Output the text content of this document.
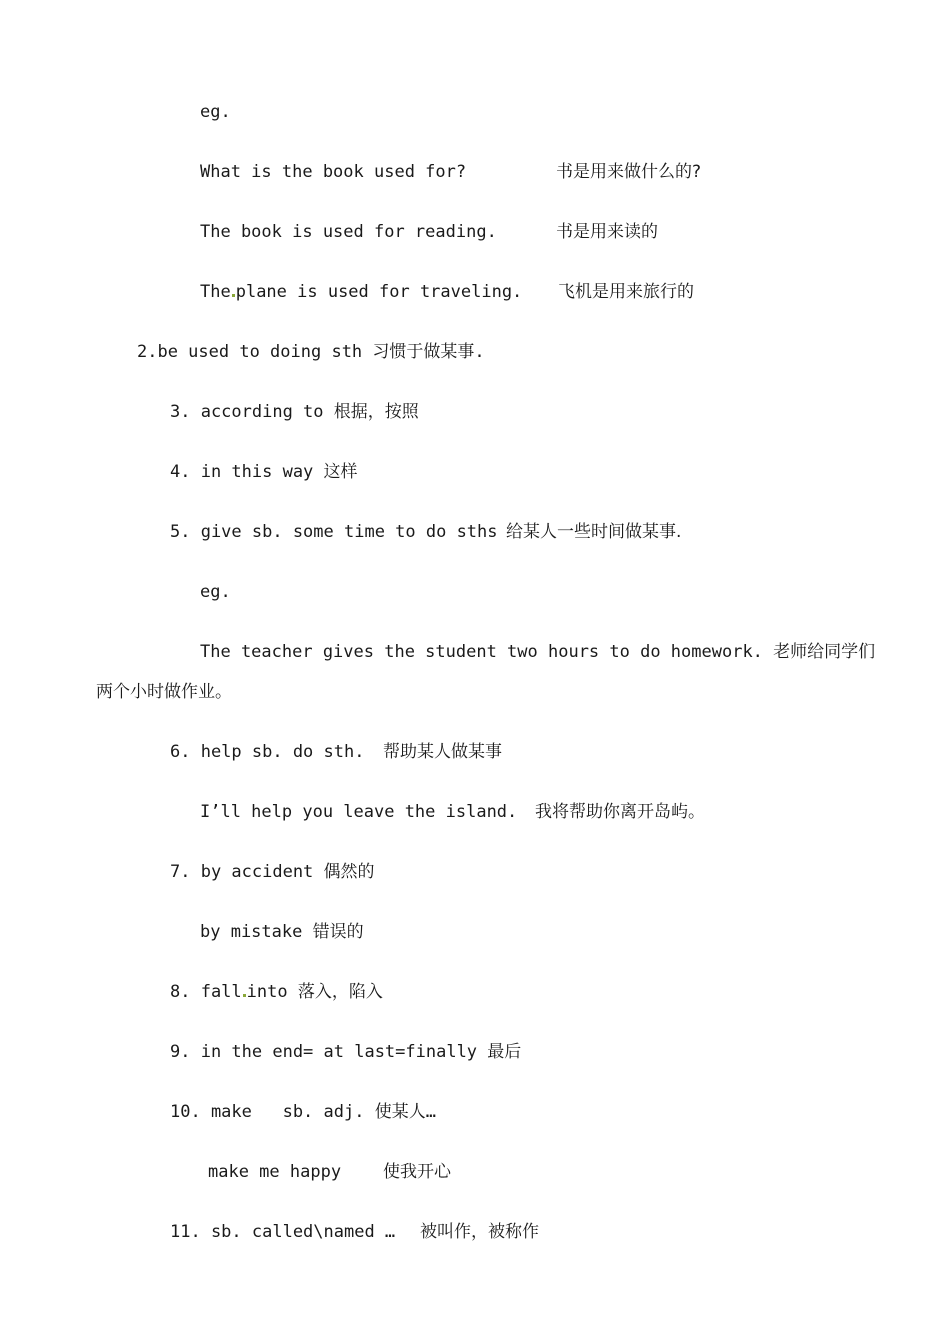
eg.
What is the book used for?	书是用来做什么的?
The book is used for reading.	书是用来读的
The plane is used for traveling. 飞机是用来旅行的
2.be used to doing sth 习惯于做某事.
3. according to 根据，按照
4. in this way 这样
5. give sb. some time to do sths 给某人一些时间做某事.
eg.
The teacher gives the student two hours to do homework. 老师给同学们
两个小时做作业。
6. help sb. do sth. 帮助某人做某事
I’ll help you leave the island. 我将帮助你离开岛屿。
7. by accident 偶然的
by mistake 错误的
8. fall into 落入，陷入
9. in the end= at last=finally 最后
10. make   sb. adj. 使某人…
make me happy 使我开心
11. sb. called\named … 被叫作，被称作
